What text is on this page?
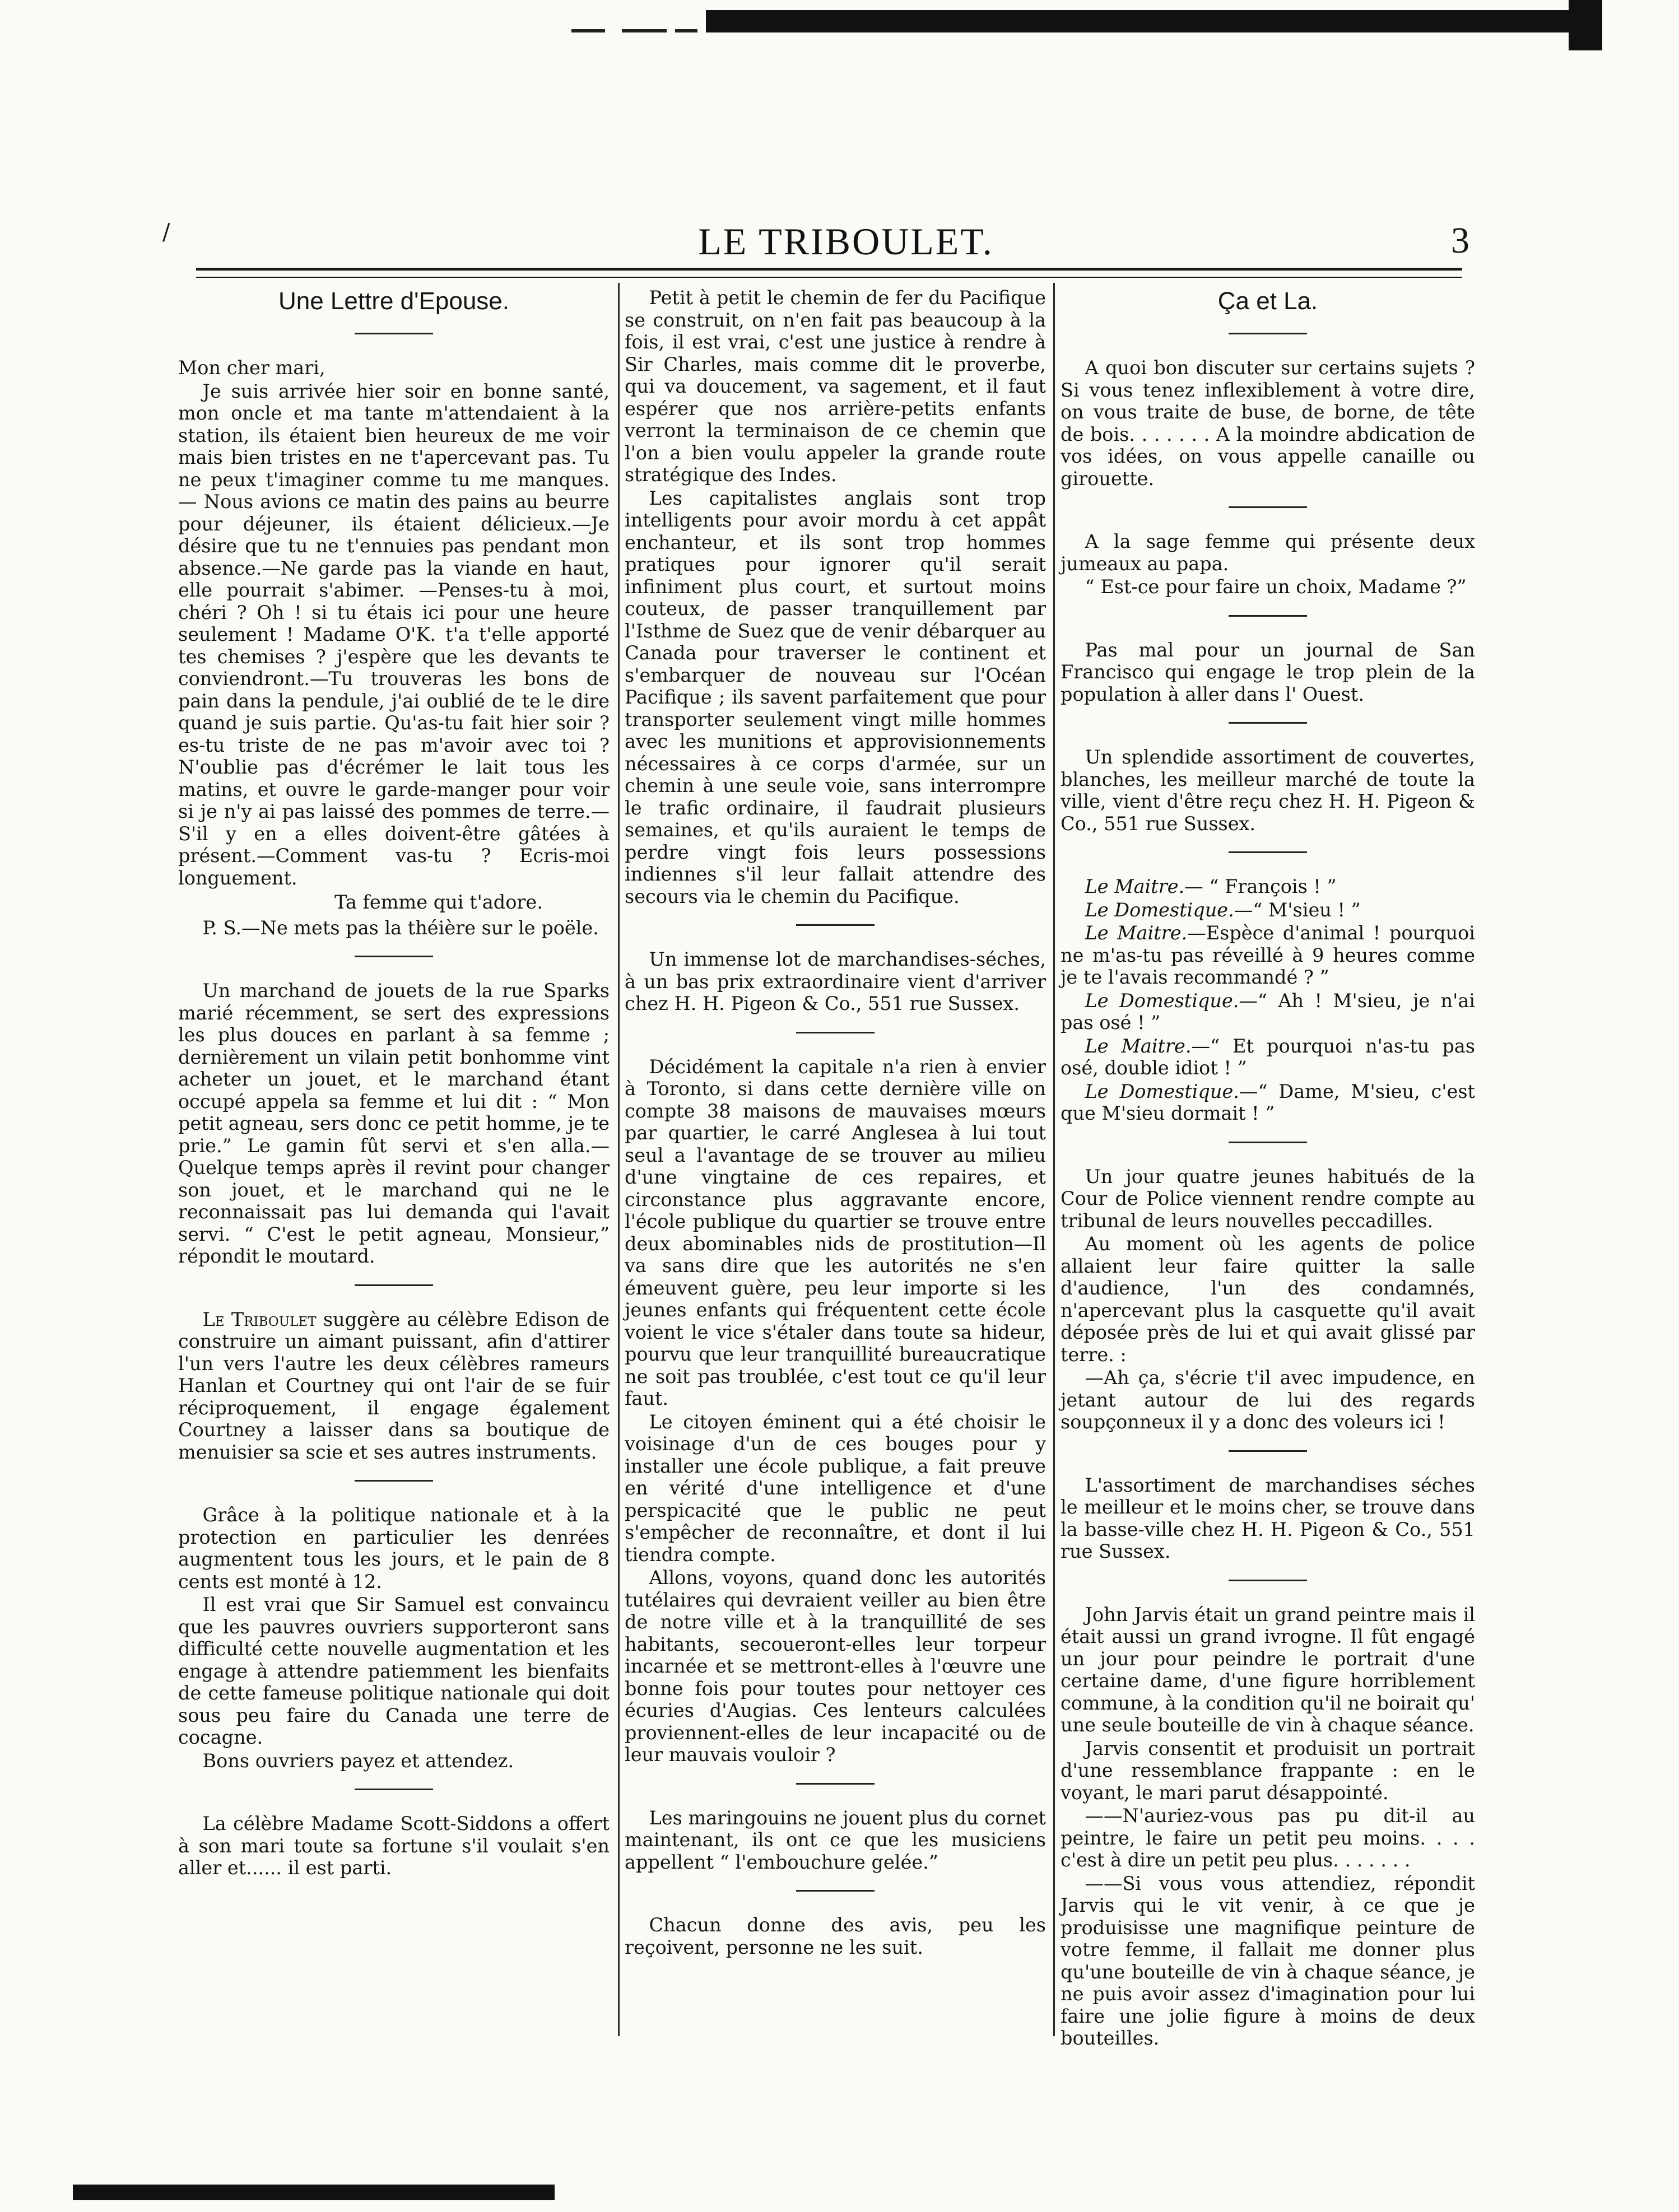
/	LE TRIBOULET.	3
Une Lettre d'Epouse.

Mon cher mari,

Je suis arrivée hier soir en bonne santé, mon oncle et ma tante m'attendaient à la station, ils étaient bien heureux de me voir mais bien tristes en ne t'apercevant pas. Tu ne peux t'imaginer comme tu me manques. — Nous avions ce matin des pains au beurre pour déjeuner, ils étaient délicieux.—Je désire que tu ne t'ennuies pas pendant mon absence.—Ne garde pas la viande en haut, elle pourrait s'abimer. —Penses-tu à moi, chéri ? Oh ! si tu étais ici pour une heure seulement ! Madame O'K. t'a t'elle apporté tes chemises ? j'espère que les devants te conviendront.—Tu trouveras les bons de pain dans la pendule, j'ai oublié de te le dire quand je suis partie. Qu'as-tu fait hier soir ? es-tu triste de ne pas m'avoir avec toi ? N'oublie pas d'écrémer le lait tous les matins, et ouvre le garde-manger pour voir si je n'y ai pas laissé des pommes de terre.—S'il y en a elles doivent-être gâtées à présent.—Comment vas-tu ? Ecris-moi longuement.

Ta femme qui t'adore.

P. S.—Ne mets pas la théière sur le poële.

Un marchand de jouets de la rue Sparks marié récemment, se sert des expressions les plus douces en parlant à sa femme ; dernièrement un vilain petit bonhomme vint acheter un jouet, et le marchand étant occupé appela sa femme et lui dit : “ Mon petit agneau, sers donc ce petit homme, je te prie.” Le gamin fût servi et s'en alla.—Quelque temps après il revint pour changer son jouet, et le marchand qui ne le reconnaissait pas lui demanda qui l'avait servi. “ C'est le petit agneau, Monsieur,” répondit le moutard.

Le Triboulet suggère au célèbre Edison de construire un aimant puissant, afin d'attirer l'un vers l'autre les deux célèbres rameurs Hanlan et Courtney qui ont l'air de se fuir réciproquement, il engage également Courtney a laisser dans sa boutique de menuisier sa scie et ses autres instruments.

Grâce à la politique nationale et à la protection en particulier les denrées augmentent tous les jours, et le pain de 8 cents est monté à 12.

Il est vrai que Sir Samuel est convaincu que les pauvres ouvriers supporteront sans difficulté cette nouvelle augmentation et les engage à attendre patiemment les bienfaits de cette fameuse politique nationale qui doit sous peu faire du Canada une terre de cocagne.

Bons ouvriers payez et attendez.

La célèbre Madame Scott-Siddons a offert à son mari toute sa fortune s'il voulait s'en aller et...... il est parti.

Petit à petit le chemin de fer du Pacifique se construit, on n'en fait pas beaucoup à la fois, il est vrai, c'est une justice à rendre à Sir Charles, mais comme dit le proverbe, qui va doucement, va sagement, et il faut espérer que nos arrière-petits enfants verront la terminaison de ce chemin que l'on a bien voulu appeler la grande route stratégique des Indes.

Les capitalistes anglais sont trop intelligents pour avoir mordu à cet appât enchanteur, et ils sont trop hommes pratiques pour ignorer qu'il serait infiniment plus court, et surtout moins couteux, de passer tranquillement par l'Isthme de Suez que de venir débarquer au Canada pour traverser le continent et s'embarquer de nouveau sur l'Océan Pacifique ; ils savent parfaitement que pour transporter seulement vingt mille hommes avec les munitions et approvisionnements nécessaires à ce corps d'armée, sur un chemin à une seule voie, sans interrompre le trafic ordinaire, il faudrait plusieurs semaines, et qu'ils auraient le temps de perdre vingt fois leurs possessions indiennes s'il leur fallait attendre des secours via le chemin du Pacifique.

Un immense lot de marchandises-séches, à un bas prix extraordinaire vient d'arriver chez H. H. Pigeon & Co., 551 rue Sussex.

Décidément la capitale n'a rien à envier à Toronto, si dans cette dernière ville on compte 38 maisons de mauvaises mœurs par quartier, le carré Anglesea à lui tout seul a l'avantage de se trouver au milieu d'une vingtaine de ces repaires, et circonstance plus aggravante encore, l'école publique du quartier se trouve entre deux abominables nids de prostitution—Il va sans dire que les autorités ne s'en émeuvent guère, peu leur importe si les jeunes enfants qui fréquentent cette école voient le vice s'étaler dans toute sa hideur, pourvu que leur tranquillité bureaucratique ne soit pas troublée, c'est tout ce qu'il leur faut.

Le citoyen éminent qui a été choisir le voisinage d'un de ces bouges pour y installer une école publique, a fait preuve en vérité d'une intelligence et d'une perspicacité que le public ne peut s'empêcher de reconnaître, et dont il lui tiendra compte.

Allons, voyons, quand donc les autorités tutélaires qui devraient veiller au bien être de notre ville et à la tranquillité de ses habitants, secoueront-elles leur torpeur incarnée et se mettront-elles à l'œuvre une bonne fois pour toutes pour nettoyer ces écuries d'Augias. Ces lenteurs calculées proviennent-elles de leur incapacité ou de leur mauvais vouloir ?

Les maringouins ne jouent plus du cornet maintenant, ils ont ce que les musiciens appellent “ l'embouchure gelée.”

Chacun donne des avis, peu les reçoivent, personne ne les suit.

Ça et La.

A quoi bon discuter sur certains sujets ? Si vous tenez inflexiblement à votre dire, on vous traite de buse, de borne, de tête de bois. . . . . . . A la moindre abdication de vos idées, on vous appelle canaille ou girouette.

A la sage femme qui présente deux jumeaux au papa.

“ Est-ce pour faire un choix, Madame ?”

Pas mal pour un journal de San Francisco qui engage le trop plein de la population à aller dans l' Ouest.

Un splendide assortiment de couvertes, blanches, les meilleur marché de toute la ville, vient d'être reçu chez H. H. Pigeon & Co., 551 rue Sussex.

Le Maitre.— “ François ! ”

Le Domestique.—“ M'sieu ! ”

Le Maitre.—Espèce d'animal ! pourquoi ne m'as-tu pas réveillé à 9 heures comme je te l'avais recommandé ? ”

Le Domestique.—“ Ah ! M'sieu, je n'ai pas osé ! ”

Le Maitre.—“ Et pourquoi n'as-tu pas osé, double idiot ! ”

Le Domestique.—“ Dame, M'sieu, c'est que M'sieu dormait ! ”

Un jour quatre jeunes habitués de la Cour de Police viennent rendre compte au tribunal de leurs nouvelles peccadilles.

Au moment où les agents de police allaient leur faire quitter la salle d'audience, l'un des condamnés, n'apercevant plus la casquette qu'il avait déposée près de lui et qui avait glissé par terre. :

—Ah ça, s'écrie t'il avec impudence, en jetant autour de lui des regards soupçonneux il y a donc des voleurs ici !

L'assortiment de marchandises séches le meilleur et le moins cher, se trouve dans la basse-ville chez H. H. Pigeon & Co., 551 rue Sussex.

John Jarvis était un grand peintre mais il était aussi un grand ivrogne. Il fût engagé un jour pour peindre le portrait d'une certaine dame, d'une figure horriblement commune, à la condition qu'il ne boirait qu' une seule bouteille de vin à chaque séance.

Jarvis consentit et produisit un portrait d'une ressemblance frappante : en le voyant, le mari parut désappointé.

——N'auriez-vous pas pu dit-il au peintre, le faire un petit peu moins. . . . c'est à dire un petit peu plus. . . . . . .

——Si vous vous attendiez, répondit Jarvis qui le vit venir, à ce que je produisisse une magnifique peinture de votre femme, il fallait me donner plus qu'une bouteille de vin à chaque séance, je ne puis avoir assez d'imagination pour lui faire une jolie figure à moins de deux bouteilles.
